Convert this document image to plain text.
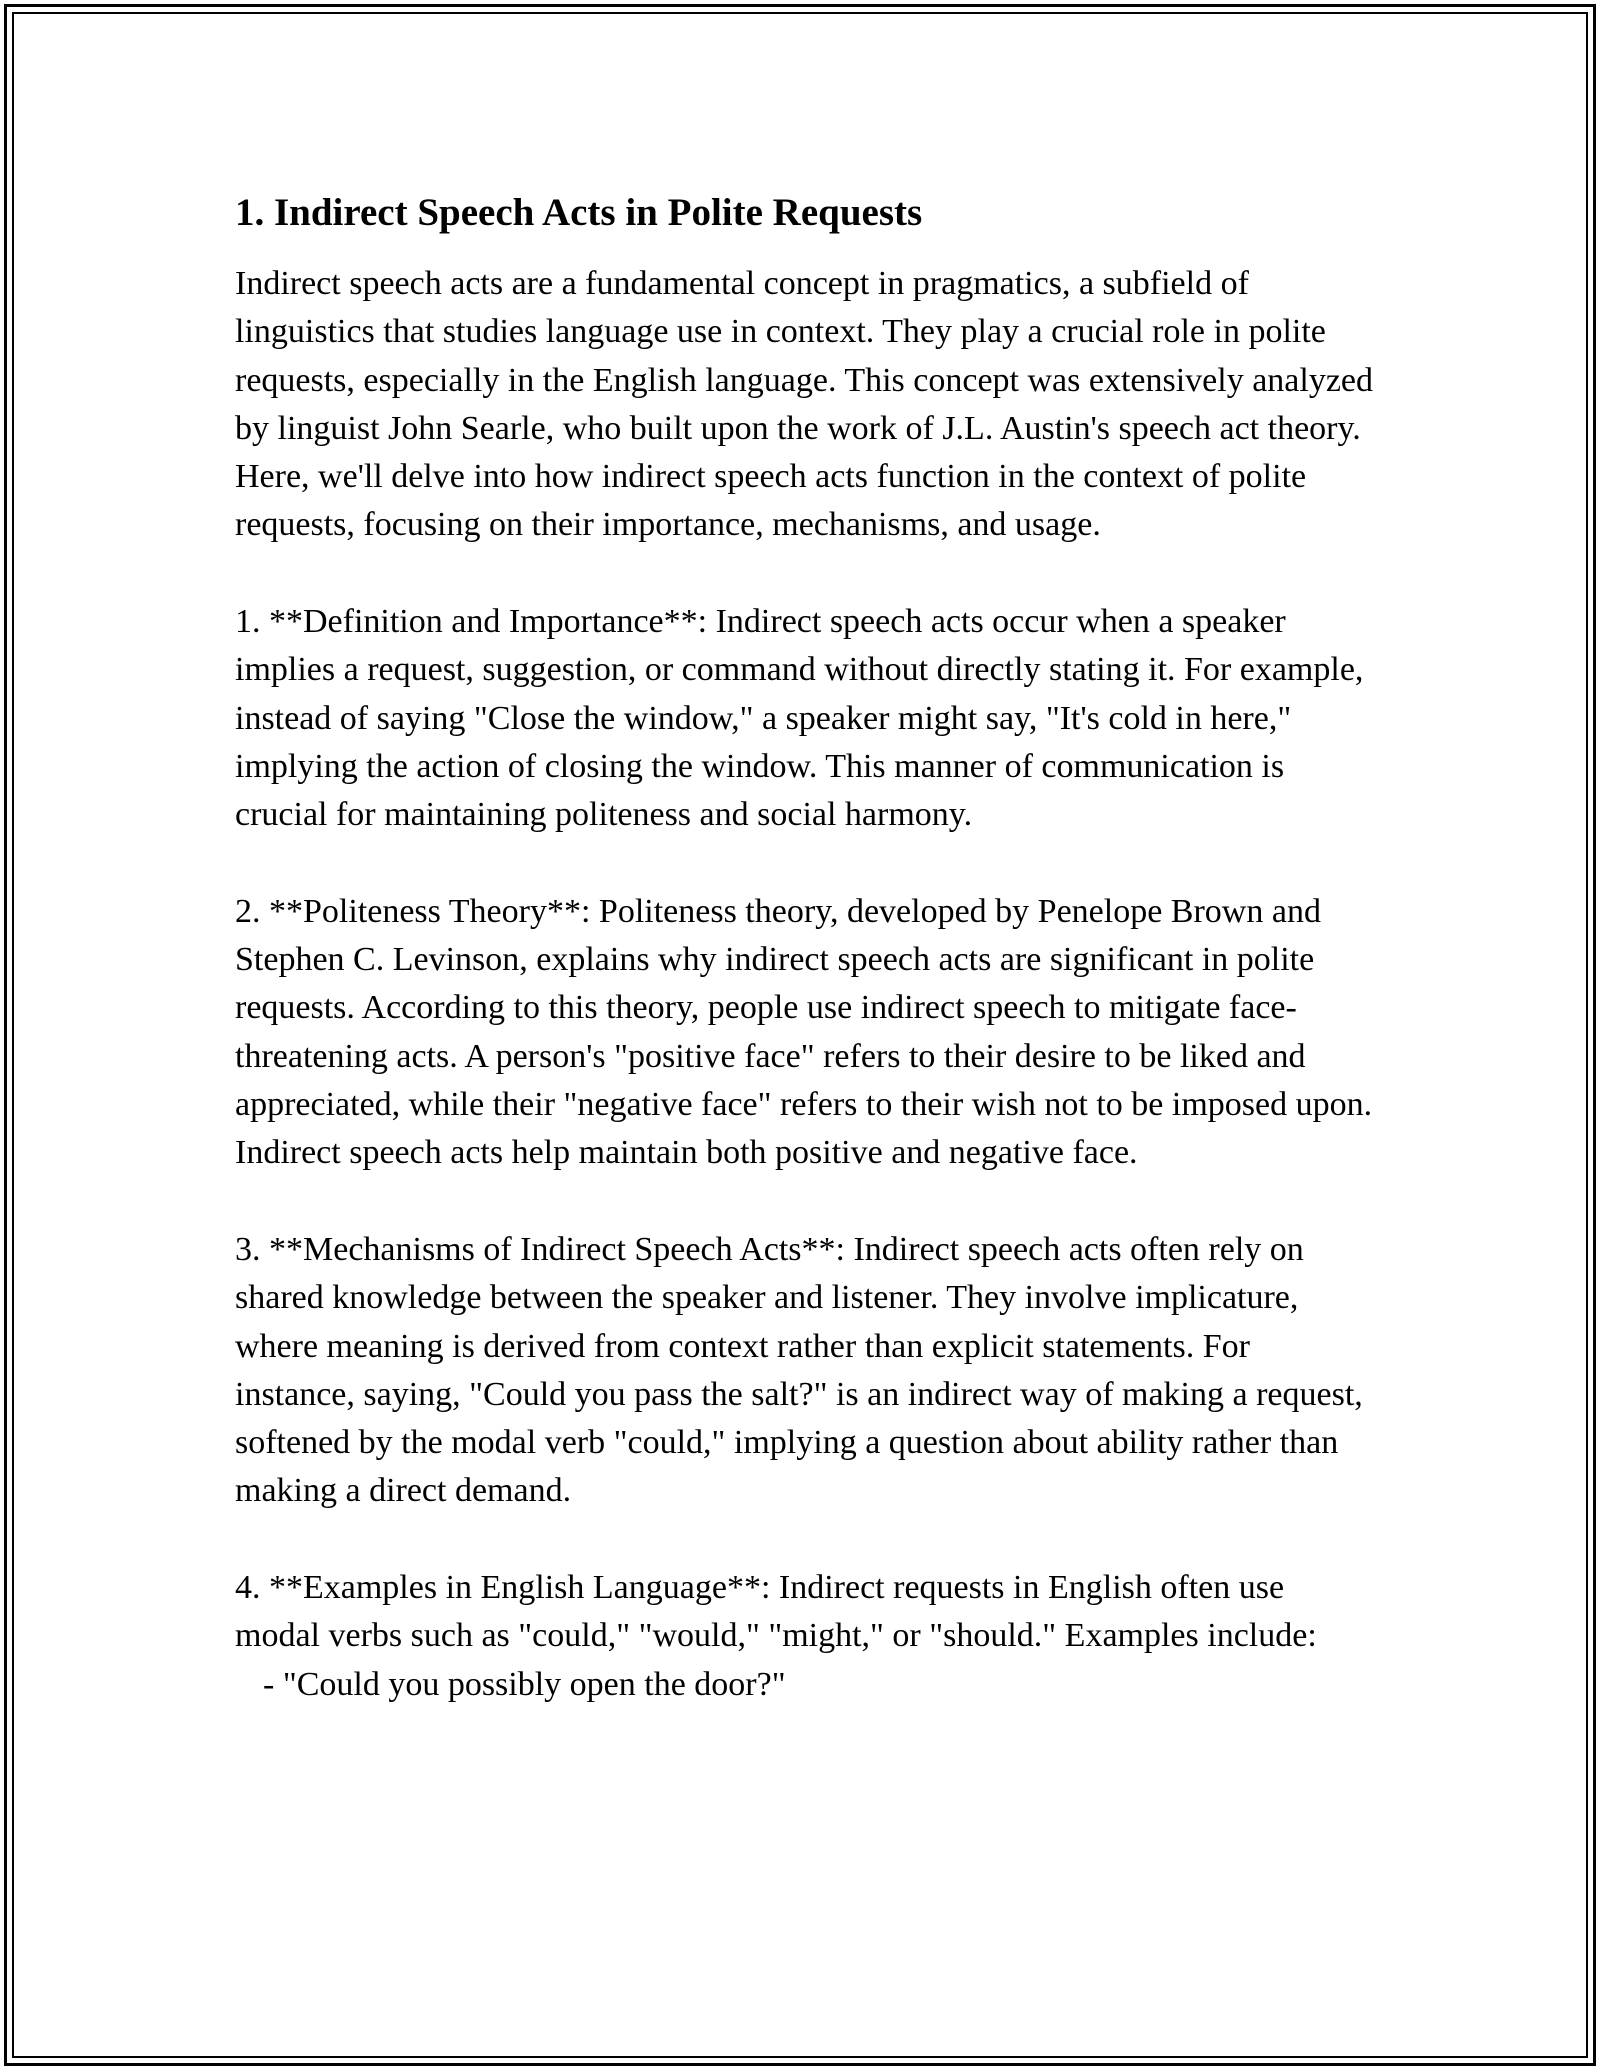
1. Indirect Speech Acts in Polite Requests

Indirect speech acts are a fundamental concept in pragmatics, a subfield of linguistics that studies language use in context. They play a crucial role in polite requests, especially in the English language. This concept was extensively analyzed by linguist John Searle, who built upon the work of J.L. Austin's speech act theory. Here, we'll delve into how indirect speech acts function in the context of polite requests, focusing on their importance, mechanisms, and usage.

1. **Definition and Importance**: Indirect speech acts occur when a speaker implies a request, suggestion, or command without directly stating it. For example, instead of saying "Close the window," a speaker might say, "It's cold in here," implying the action of closing the window. This manner of communication is crucial for maintaining politeness and social harmony.

2. **Politeness Theory**: Politeness theory, developed by Penelope Brown and Stephen C. Levinson, explains why indirect speech acts are significant in polite requests. According to this theory, people use indirect speech to mitigate face-threatening acts. A person's "positive face" refers to their desire to be liked and appreciated, while their "negative face" refers to their wish not to be imposed upon. Indirect speech acts help maintain both positive and negative face.

3. **Mechanisms of Indirect Speech Acts**: Indirect speech acts often rely on shared knowledge between the speaker and listener. They involve implicature, where meaning is derived from context rather than explicit statements. For instance, saying, "Could you pass the salt?" is an indirect way of making a request, softened by the modal verb "could," implying a question about ability rather than making a direct demand.

4. **Examples in English Language**: Indirect requests in English often use modal verbs such as "could," "would," "might," or "should." Examples include:

- "Could you possibly open the door?"
